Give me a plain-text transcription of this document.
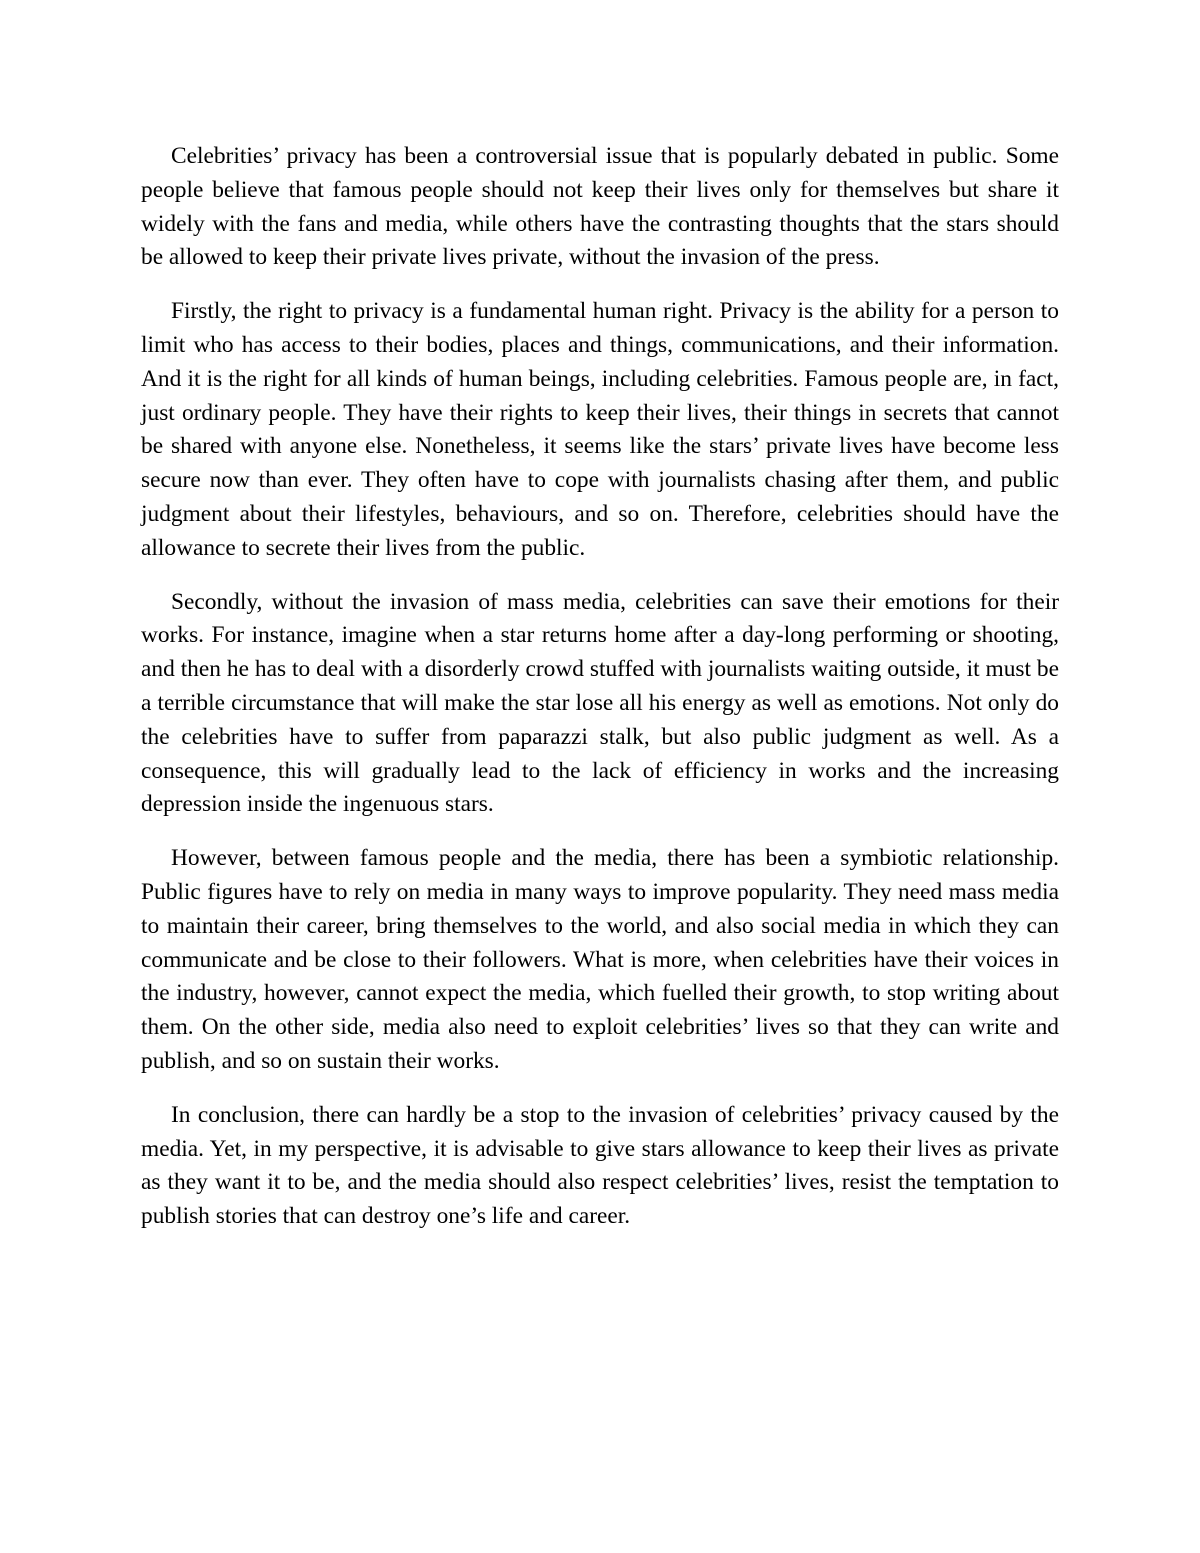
Celebrities’ privacy has been a controversial issue that is popularly debated in public. Some people believe that famous people should not keep their lives only for themselves but share it widely with the fans and media, while others have the contrasting thoughts that the stars should be allowed to keep their private lives private, without the invasion of the press.

Firstly, the right to privacy is a fundamental human right. Privacy is the ability for a person to limit who has access to their bodies, places and things, communications, and their information. And it is the right for all kinds of human beings, including celebrities. Famous people are, in fact, just ordinary people. They have their rights to keep their lives, their things in secrets that cannot be shared with anyone else. Nonetheless, it seems like the stars’ private lives have become less secure now than ever. They often have to cope with journalists chasing after them, and public judgment about their lifestyles, behaviours, and so on. Therefore, celebrities should have the allowance to secrete their lives from the public.

Secondly, without the invasion of mass media, celebrities can save their emotions for their works. For instance, imagine when a star returns home after a day-long performing or shooting, and then he has to deal with a disorderly crowd stuffed with journalists waiting outside, it must be a terrible circumstance that will make the star lose all his energy as well as emotions. Not only do the celebrities have to suffer from paparazzi stalk, but also public judgment as well. As a consequence, this will gradually lead to the lack of efficiency in works and the increasing depression inside the ingenuous stars.

However, between famous people and the media, there has been a symbiotic relationship. Public figures have to rely on media in many ways to improve popularity. They need mass media to maintain their career, bring themselves to the world, and also social media in which they can communicate and be close to their followers. What is more, when celebrities have their voices in the industry, however, cannot expect the media, which fuelled their growth, to stop writing about them. On the other side, media also need to exploit celebrities’ lives so that they can write and publish, and so on sustain their works.

In conclusion, there can hardly be a stop to the invasion of celebrities’ privacy caused by the media. Yet, in my perspective, it is advisable to give stars allowance to keep their lives as private as they want it to be, and the media should also respect celebrities’ lives, resist the temptation to publish stories that can destroy one’s life and career.
